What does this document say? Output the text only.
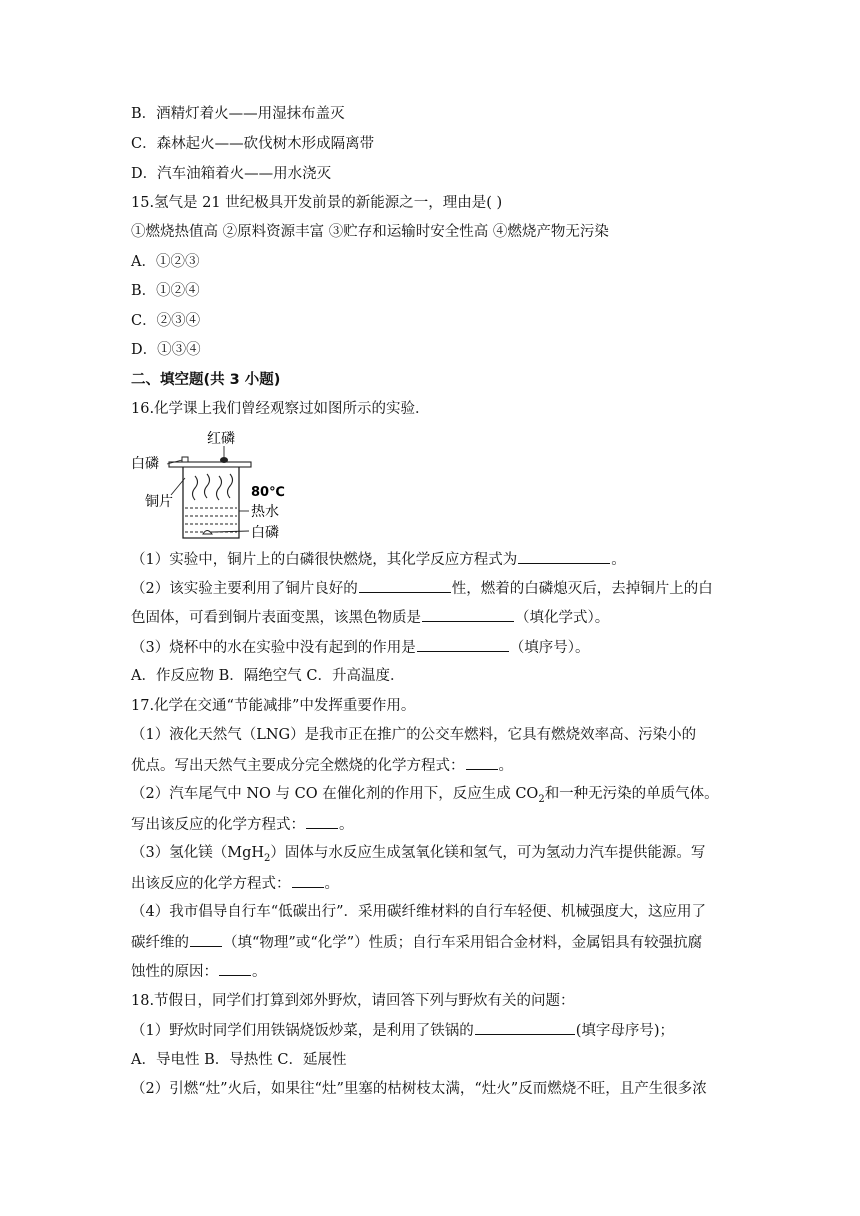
B．酒精灯着火——用湿抹布盖灭
C．森林起火——砍伐树木形成隔离带
D．汽车油箱着火——用水浇灭
15.氢气是 21 世纪极具开发前景的新能源之一，理由是( )
①燃烧热值高 ②原料资源丰富 ③贮存和运输时安全性高 ④燃烧产物无污染
A．①②③
B．①②④
C．②③④
D．①③④
二、填空题(共 3 小题)
16.化学课上我们曾经观察过如图所示的实验．
红磷
白磷
铜片
80℃
热水
白磷
（1）实验中，铜片上的白磷很快燃烧，其化学反应方程式为	。
（2）该实验主要利用了铜片良好的	性，燃着的白磷熄灭后，去掉铜片上的白
色固体，可看到铜片表面变黑，该黑色物质是	（填化学式）。
（3）烧杯中的水在实验中没有起到的作用是	（填序号）。
A．作反应物 B．隔绝空气 C．升高温度．
17.化学在交通“节能减排”中发挥重要作用。
（1）液化天然气（LNG）是我市正在推广的公交车燃料，它具有燃烧效率高、污染小的
优点。写出天然气主要成分完全燃烧的化学方程式： 。
（2）汽车尾气中 NO 与 CO 在催化剂的作用下，反应生成 $CO_2$和一种无污染的单质气体。
写出该反应的化学方程式： 。
（3）氢化镁（MgH$_2$）固体与水反应生成氢氧化镁和氢气，可为氢动力汽车提供能源。写
出该反应的化学方程式： 。
（4）我市倡导自行车“低碳出行”．采用碳纤维材料的自行车轻便、机械强度大，这应用了
碳纤维的 （填“物理”或“化学”）性质；自行车采用铝合金材料，金属铝具有较强抗腐
蚀性的原因： 。
18.节假日，同学们打算到郊外野炊，请回答下列与野炊有关的问题：
（1）野炊时同学们用铁锅烧饭炒菜，是利用了铁锅的	(填字母序号)；
A．导电性 B．导热性 C．延展性
（2）引燃“灶”火后，如果往“灶”里塞的枯树枝太满，“灶火”反而燃烧不旺，且产生很多浓
